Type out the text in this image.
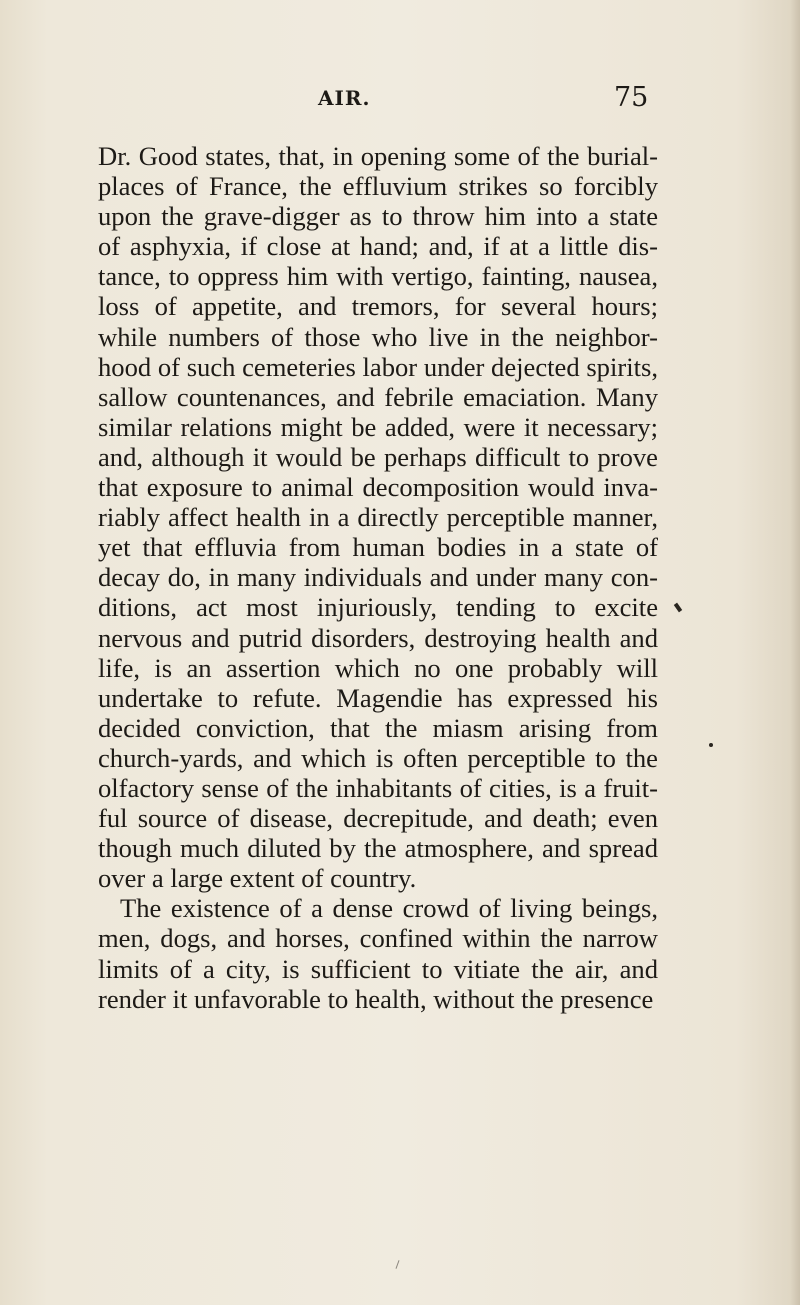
AIR.	75
Dr. Good states, that, in opening some of the burial-
places of France, the effluvium strikes so forcibly
upon the grave-digger as to throw him into a state
of asphyxia, if close at hand; and, if at a little dis-
tance, to oppress him with vertigo, fainting, nausea,
loss of appetite, and tremors, for several hours;
while numbers of those who live in the neighbor-
hood of such cemeteries labor under dejected spirits,
sallow countenances, and febrile emaciation. Many
similar relations might be added, were it necessary;
and, although it would be perhaps difficult to prove
that exposure to animal decomposition would inva-
riably affect health in a directly perceptible manner,
yet that effluvia from human bodies in a state of
decay do, in many individuals and under many con-
ditions, act most injuriously, tending to excite
nervous and putrid disorders, destroying health and
life, is an assertion which no one probably will
undertake to refute. Magendie has expressed his
decided conviction, that the miasm arising from
church-yards, and which is often perceptible to the
olfactory sense of the inhabitants of cities, is a fruit-
ful source of disease, decrepitude, and death; even
though much diluted by the atmosphere, and spread
over a large extent of country.
The existence of a dense crowd of living beings,
men, dogs, and horses, confined within the narrow
limits of a city, is sufficient to vitiate the air, and
render it unfavorable to health, without the presence
